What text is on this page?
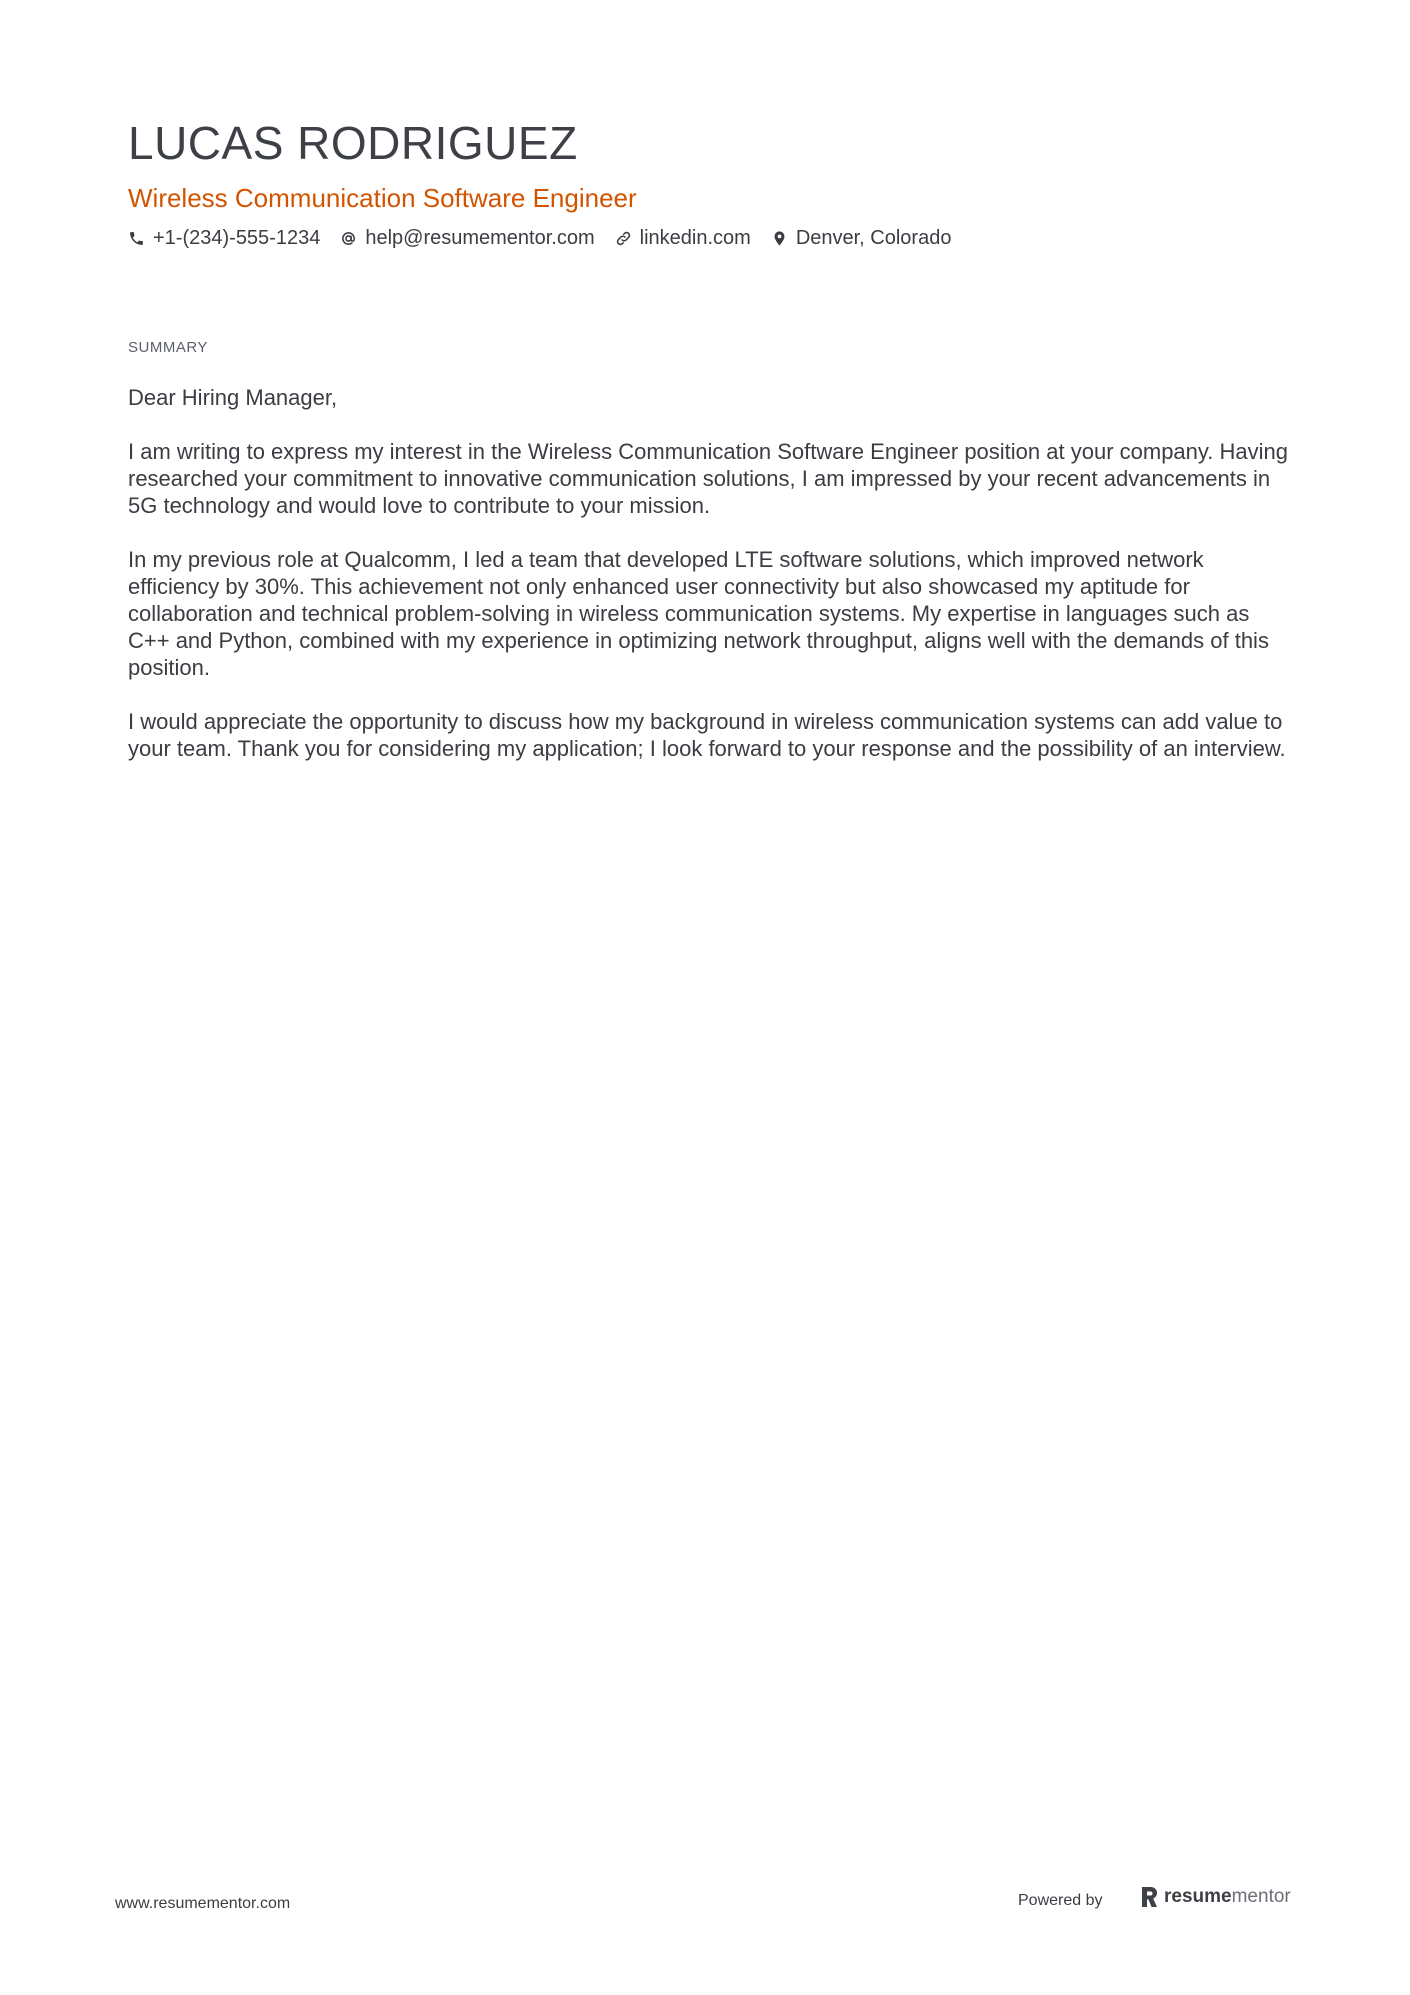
LUCAS RODRIGUEZ
Wireless Communication Software Engineer
+1-(234)-555-1234 help@resumementor.com linkedin.com Denver, Colorado
SUMMARY

Dear Hiring Manager,

I am writing to express my interest in the Wireless Communication Software Engineer position at your company. Having researched your commitment to innovative communication solutions, I am impressed by your recent advancements in 5G technology and would love to contribute to your mission.

In my previous role at Qualcomm, I led a team that developed LTE software solutions, which improved network efficiency by 30%. This achievement not only enhanced user connectivity but also showcased my aptitude for collaboration and technical problem-solving in wireless communication systems. My expertise in languages such as C++ and Python, combined with my experience in optimizing network throughput, aligns well with the demands of this position.

I would appreciate the opportunity to discuss how my background in wireless communication systems can add value to your team. Thank you for considering my application; I look forward to your response and the possibility of an interview.

www.resumementor.com	Powered by	resume mentor
